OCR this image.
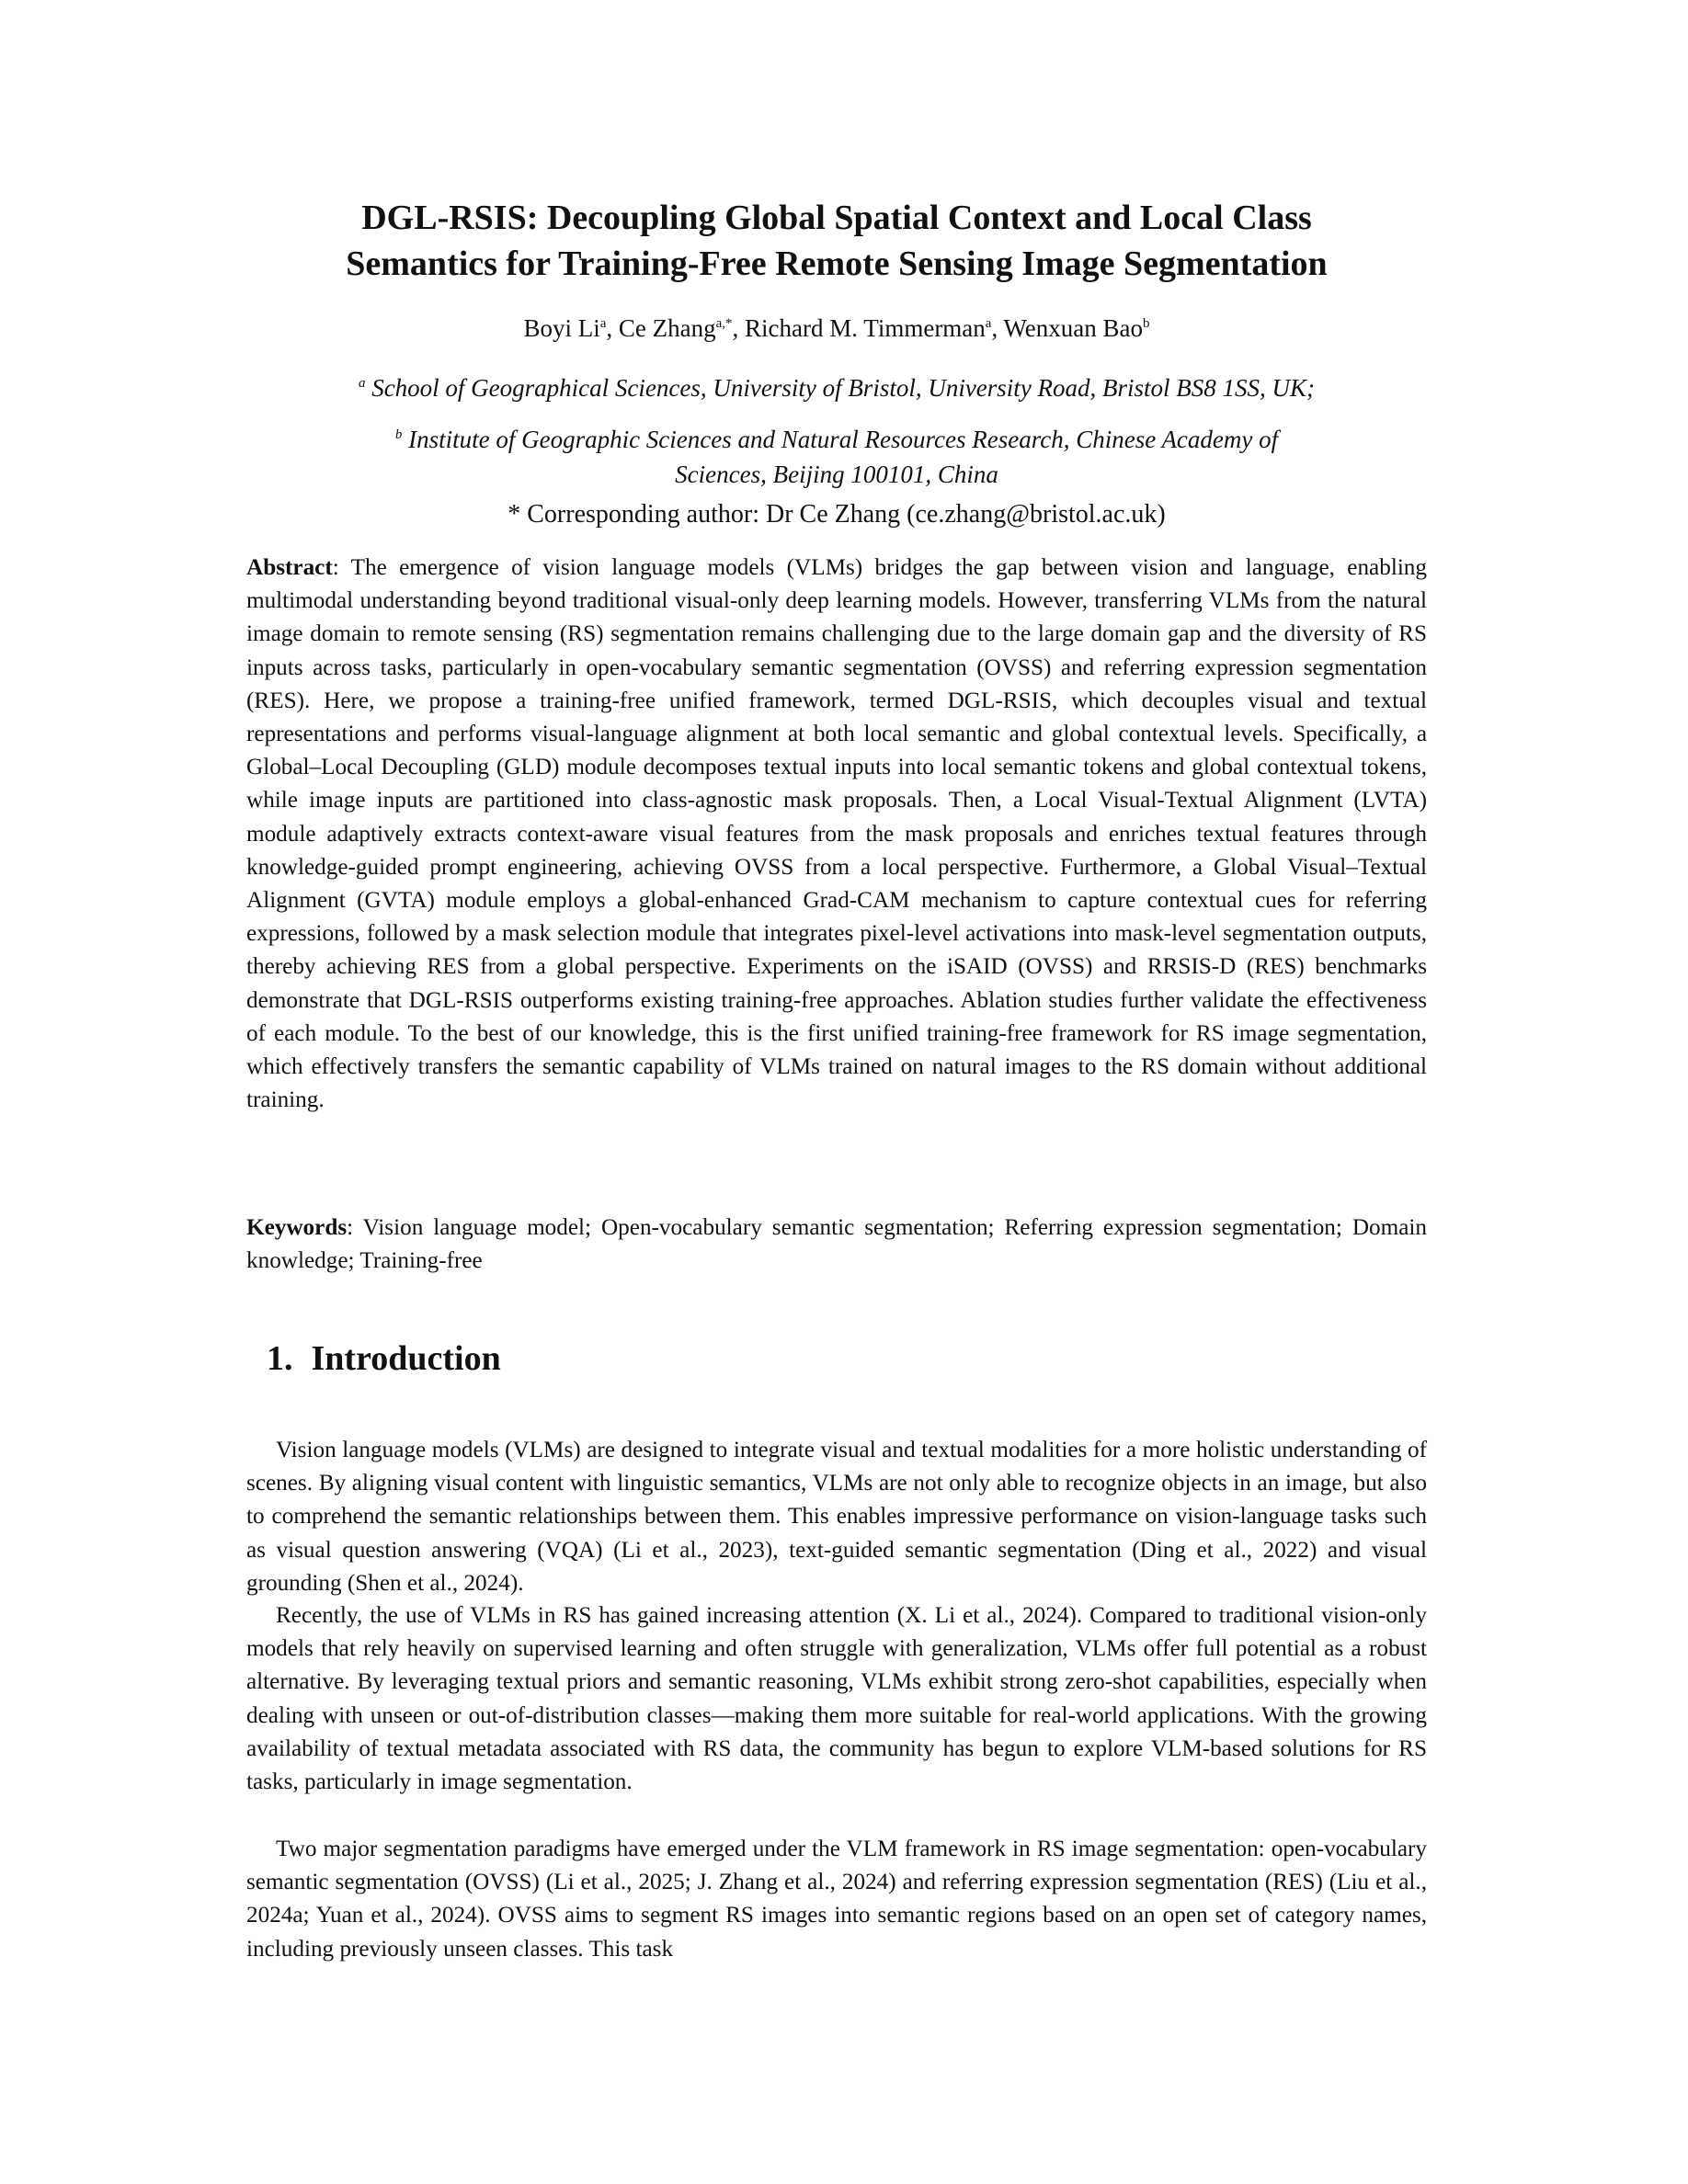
DGL-RSIS: Decoupling Global Spatial Context and Local Class
Semantics for Training-Free Remote Sensing Image Segmentation
Boyi Li$^a$, Ce Zhang$^{a,*}$, Richard M. Timmerman$^a$, Wenxuan Bao$^b$
$^a$ School of Geographical Sciences, University of Bristol, University Road, Bristol BS8 1SS, UK;
$^b$ Institute of Geographic Sciences and Natural Resources Research, Chinese Academy of
Sciences, Beijing 100101, China
* Corresponding author: Dr Ce Zhang (ce.zhang@bristol.ac.uk)
Abstract: The emergence of vision language models (VLMs) bridges the gap between vision and language, enabling multimodal understanding beyond traditional visual-only deep learning models. However, transferring VLMs from the natural image domain to remote sensing (RS) segmentation remains challenging due to the large domain gap and the diversity of RS inputs across tasks, particularly in open-vocabulary semantic segmentation (OVSS) and referring expression segmentation (RES). Here, we propose a training-free unified framework, termed DGL-RSIS, which decouples visual and textual representations and performs visual-language alignment at both local semantic and global contextual levels. Specifically, a Global–Local Decoupling (GLD) module decomposes textual inputs into local semantic tokens and global contextual tokens, while image inputs are partitioned into class-agnostic mask proposals. Then, a Local Visual-Textual Alignment (LVTA) module adaptively extracts context-aware visual features from the mask proposals and enriches textual features through knowledge-guided prompt engineering, achieving OVSS from a local perspective. Furthermore, a Global Visual–Textual Alignment (GVTA) module employs a global-enhanced Grad-CAM mechanism to capture contextual cues for referring expressions, followed by a mask selection module that integrates pixel-level activations into mask-level segmentation outputs, thereby achieving RES from a global perspective. Experiments on the iSAID (OVSS) and RRSIS-D (RES) benchmarks demonstrate that DGL-RSIS outperforms existing training-free approaches. Ablation studies further validate the effectiveness of each module. To the best of our knowledge, this is the first unified training-free framework for RS image segmentation, which effectively transfers the semantic capability of VLMs trained on natural images to the RS domain without additional training.
Keywords: Vision language model; Open-vocabulary semantic segmentation; Referring expression segmentation; Domain knowledge; Training-free
1. Introduction
Vision language models (VLMs) are designed to integrate visual and textual modalities for a more holistic understanding of scenes. By aligning visual content with linguistic semantics, VLMs are not only able to recognize objects in an image, but also to comprehend the semantic relationships between them. This enables impressive performance on vision-language tasks such as visual question answering (VQA) (Li et al., 2023), text-guided semantic segmentation (Ding et al., 2022) and visual grounding (Shen et al., 2024).
Recently, the use of VLMs in RS has gained increasing attention (X. Li et al., 2024). Compared to traditional vision-only models that rely heavily on supervised learning and often struggle with generalization, VLMs offer full potential as a robust alternative. By leveraging textual priors and semantic reasoning, VLMs exhibit strong zero-shot capabilities, especially when dealing with unseen or out-of-distribution classes—making them more suitable for real-world applications. With the growing availability of textual metadata associated with RS data, the community has begun to explore VLM-based solutions for RS tasks, particularly in image segmentation.
Two major segmentation paradigms have emerged under the VLM framework in RS image segmentation: open-vocabulary semantic segmentation (OVSS) (Li et al., 2025; J. Zhang et al., 2024) and referring expression segmentation (RES) (Liu et al., 2024a; Yuan et al., 2024). OVSS aims to segment RS images into semantic regions based on an open set of category names, including previously unseen classes. This task
